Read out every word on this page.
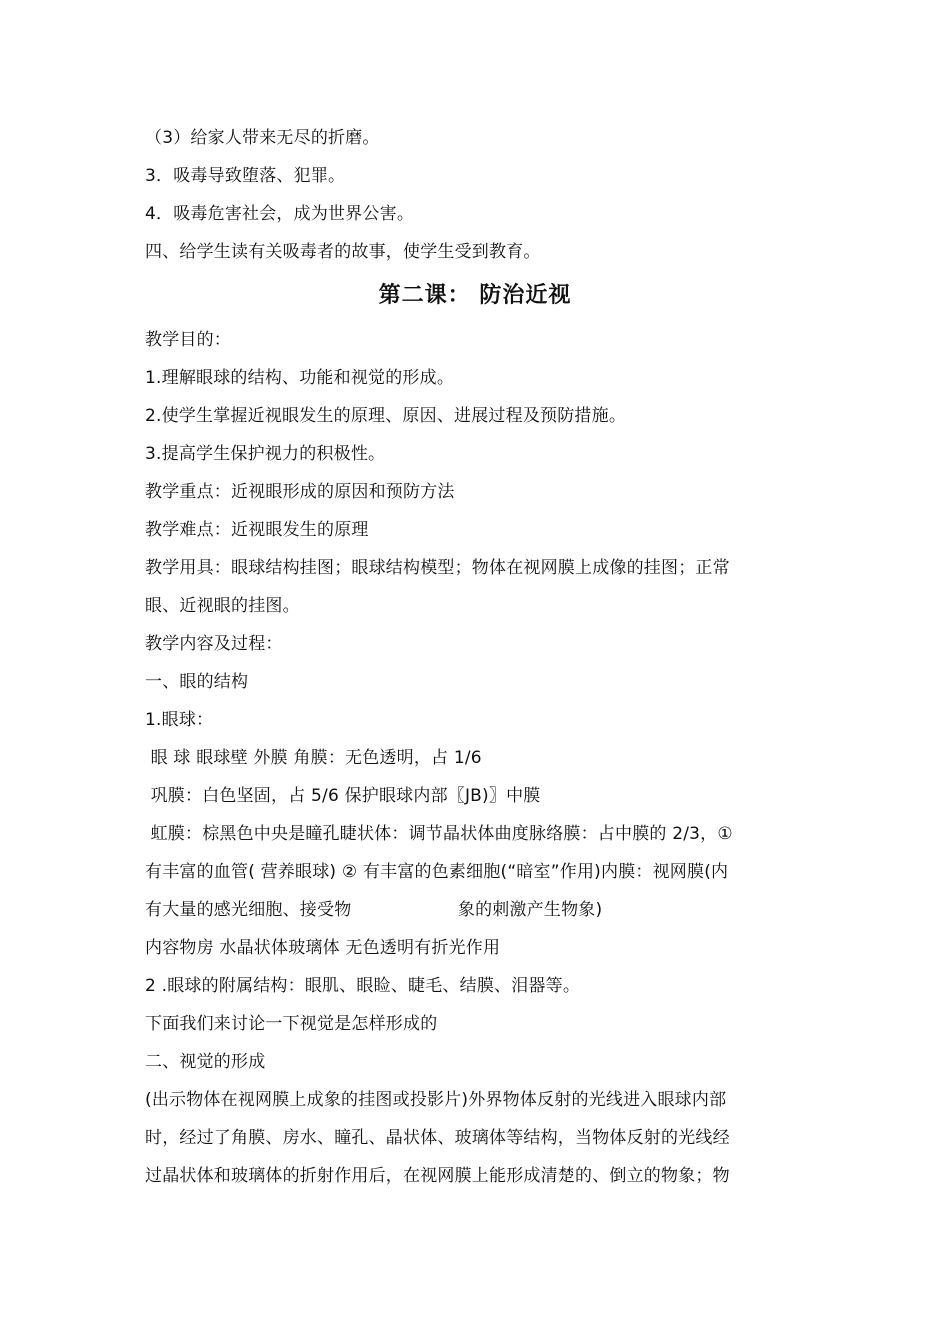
（3）给家人带来无尽的折磨。
3．吸毒导致堕落、犯罪。
4．吸毒危害社会，成为世界公害。
四、给学生读有关吸毒者的故事，使学生受到教育。
第二课： 防治近视
教学目的：
1.理解眼球的结构、功能和视觉的形成。
2.使学生掌握近视眼发生的原理、原因、进展过程及预防措施。
3.提高学生保护视力的积极性。
教学重点：近视眼形成的原因和预防方法
教学难点：近视眼发生的原理
教学用具：眼球结构挂图；眼球结构模型；物体在视网膜上成像的挂图；正常
眼、近视眼的挂图。
教学内容及过程：
一、眼的结构
1.眼球：
眼 球 眼球壁 外膜 角膜：无色透明，占 1/6
巩膜：白色坚固，占 5/6 保护眼球内部〖JB)〗中膜
虹膜：棕黑色中央是瞳孔睫状体：调节晶状体曲度脉络膜：占中膜的 2/3，①
有丰富的血管( 营养眼球) ② 有丰富的色素细胞(“暗室”作用)内膜：视网膜(内
有大量的感光细胞、接受物                   象的刺激产生物象)
内容物房 水晶状体玻璃体 无色透明有折光作用
2 .眼球的附属结构：眼肌、眼睑、睫毛、结膜、泪器等。
下面我们来讨论一下视觉是怎样形成的
二、视觉的形成
(出示物体在视网膜上成象的挂图或投影片)外界物体反射的光线进入眼球内部
时，经过了角膜、房水、瞳孔、晶状体、玻璃体等结构，当物体反射的光线经
过晶状体和玻璃体的折射作用后，在视网膜上能形成清楚的、倒立的物象；物
